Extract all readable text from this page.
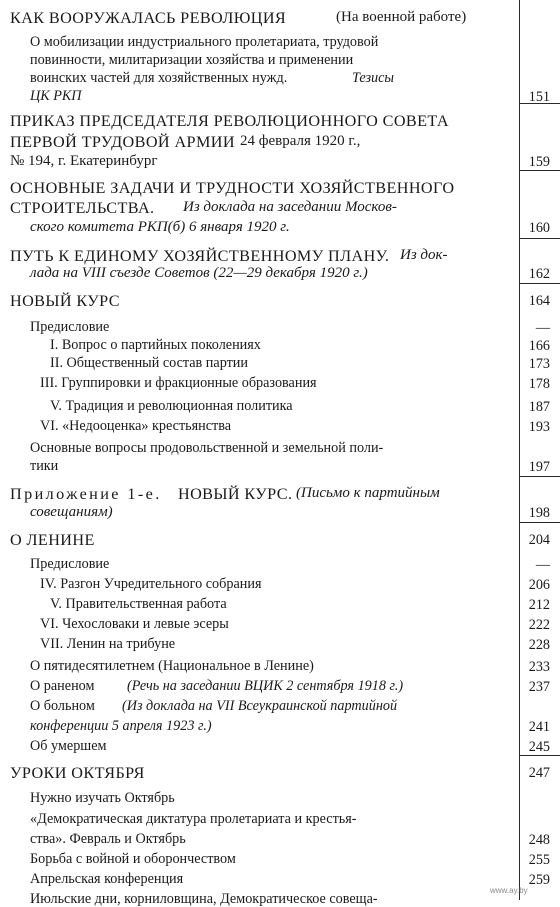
КАК ВООРУЖАЛАСЬ РЕВОЛЮЦИЯ	(На военной работе)
О мобилизации индустриального пролетариата, трудовой
повинности, милитаризации хозяйства и применении
воинских частей для хозяйственных нужд.	Тезисы
ЦК РКП	151
ПРИКАЗ ПРЕДСЕДАТЕЛЯ РЕВОЛЮЦИОННОГО СОВЕТА
ПЕРВОЙ ТРУДОВОЙ АРМИИ 24 февраля 1920 г.,
№ 194, г. Екатеринбург	159
ОСНОВНЫЕ ЗАДАЧИ И ТРУДНОСТИ ХОЗЯЙСТВЕННОГО
СТРОИТЕЛЬСТВА. Из доклада на заседании Москов-
ского комитета РКП(б) 6 января 1920 г.	160
ПУТЬ К ЕДИНОМУ ХОЗЯЙСТВЕННОМУ ПЛАНУ. Из док-
лада на VIII съезде Советов (22—29 декабря 1920 г.)	162
НОВЫЙ КУРС	164
Предисловие	—
I. Вопрос о партийных поколениях	166
II. Общественный состав партии	173
III. Группировки и фракционные образования	178
V. Традиция и революционная политика	187
VI. «Недооценка» крестьянства	193
Основные вопросы продовольственной и земельной поли-
тики	197
Приложение 1-е. НОВЫЙ КУРС. (Письмо к партийным
совещаниям)	198
О ЛЕНИНЕ	204
Предисловие	—
IV. Разгон Учредительного собрания	206
V. Правительственная работа	212
VI. Чехословаки и левые эсеры	222
VII. Ленин на трибуне	228
О пятидесятилетнем (Национальное в Ленине)	233
О раненом (Речь на заседании ВЦИК 2 сентября 1918 г.)	237
О больном (Из доклада на VII Всеукраинской партийной
конференции 5 апреля 1923 г.)	241
Об умершем	245
УРОКИ ОКТЯБРЯ	247
Нужно изучать Октябрь
«Демократическая диктатура пролетариата и крестья-
ства». Февраль и Октябрь	248
Борьба с войной и оборончеством	255
Апрельская конференция	259
Июльские дни, корниловщина, Демократическое совеща-
www.ay.by
